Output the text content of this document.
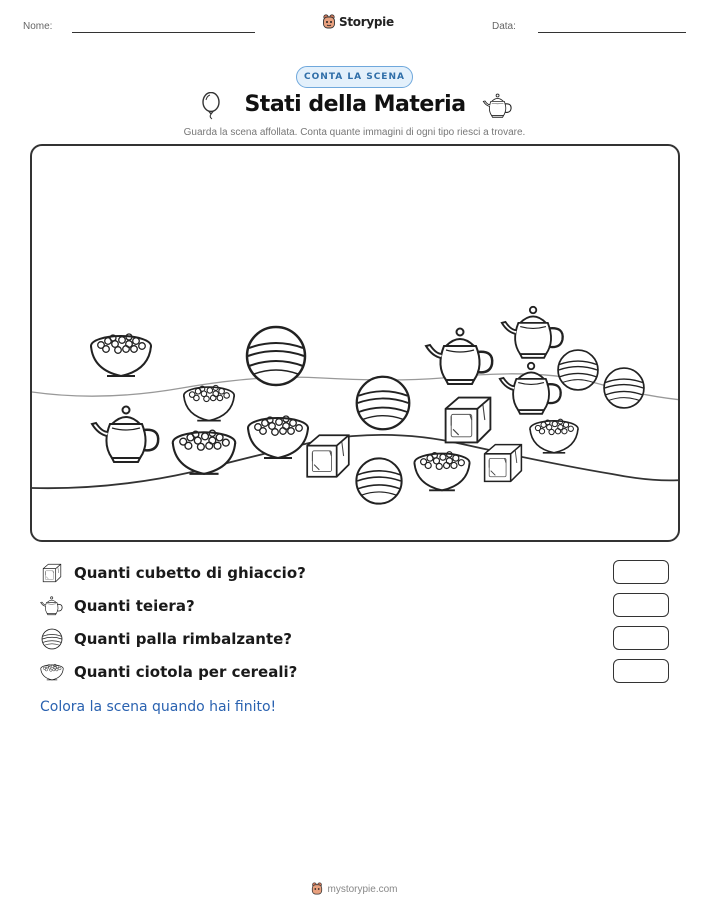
Nome:	Storypie	Data:
CONTA LA SCENA
Stati della Materia
Guarda la scena affollata. Conta quante immagini di ogni tipo riesci a trovare.
Quanti cubetto di ghiaccio?
Quanti teiera?
Quanti palla rimbalzante?
Quanti ciotola per cereali?
Colora la scena quando hai finito!
mystorypie.com
